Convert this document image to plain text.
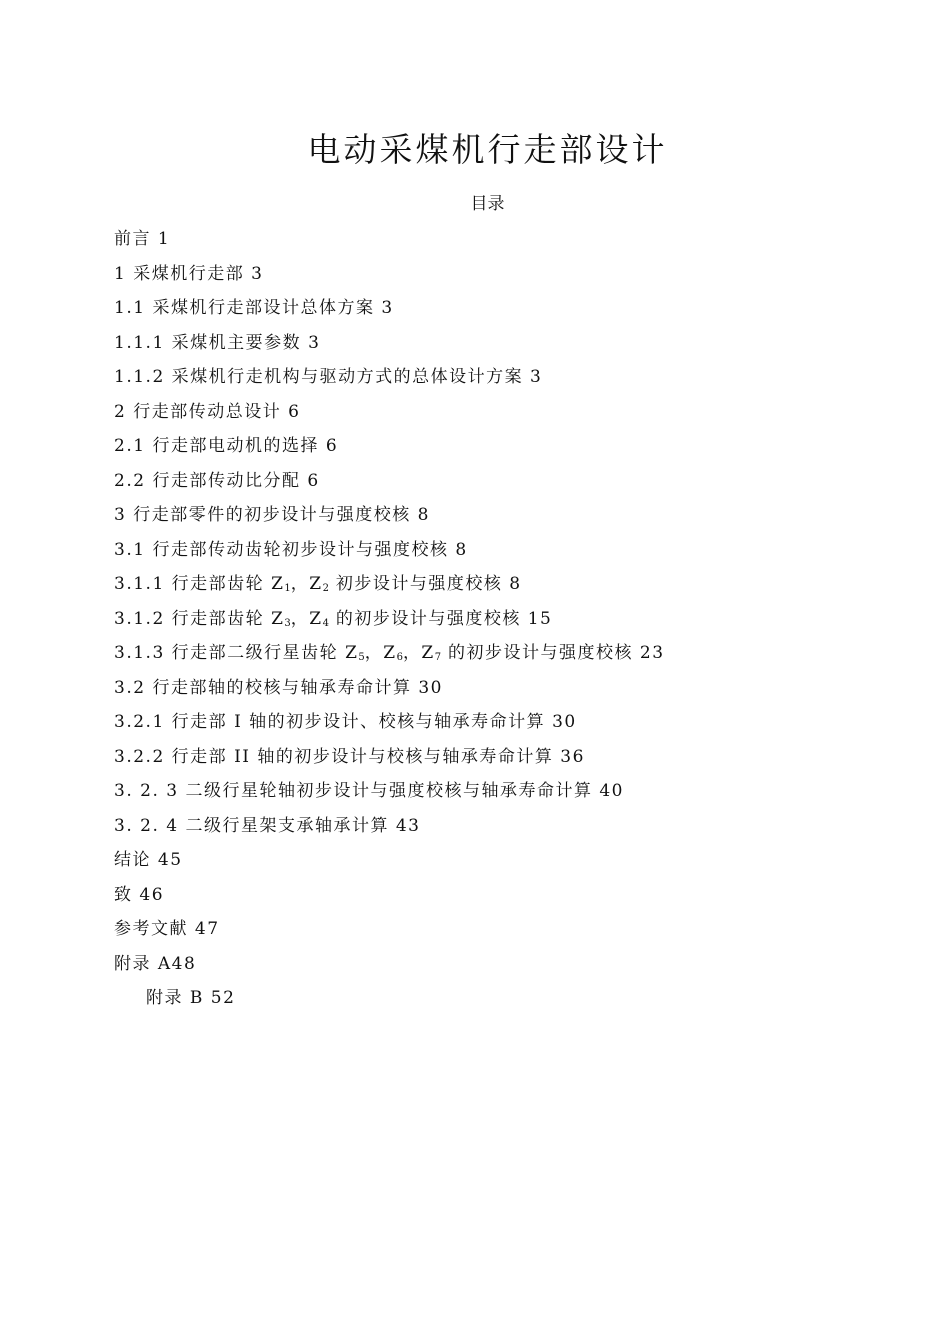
电动采煤机行走部设计
目录
前言 1
1 采煤机行走部 3
1.1 采煤机行走部设计总体方案 3
1.1.1 采煤机主要参数 3
1.1.2 采煤机行走机构与驱动方式的总体设计方案 3
2 行走部传动总设计 6
2.1 行走部电动机的选择 6
2.2 行走部传动比分配 6
3 行走部零件的初步设计与强度校核 8
3.1 行走部传动齿轮初步设计与强度校核 8
3.1.1 行走部齿轮 $Z_1$，$Z_2$ 初步设计与强度校核 8
3.1.2 行走部齿轮 $Z_3$，$Z_4$ 的初步设计与强度校核 15
3.1.3 行走部二级行星齿轮 $Z_5$，$Z_6$，$Z_7$ 的初步设计与强度校核 23
3.2 行走部轴的校核与轴承寿命计算 30
3.2.1 行走部 I 轴的初步设计、校核与轴承寿命计算 30
3.2.2 行走部 II 轴的初步设计与校核与轴承寿命计算 36
3. 2. 3 二级行星轮轴初步设计与强度校核与轴承寿命计算 40
3. 2. 4 二级行星架支承轴承计算 43
结论 45
致 46
参考文献 47
附录 A48
附录 B 52
